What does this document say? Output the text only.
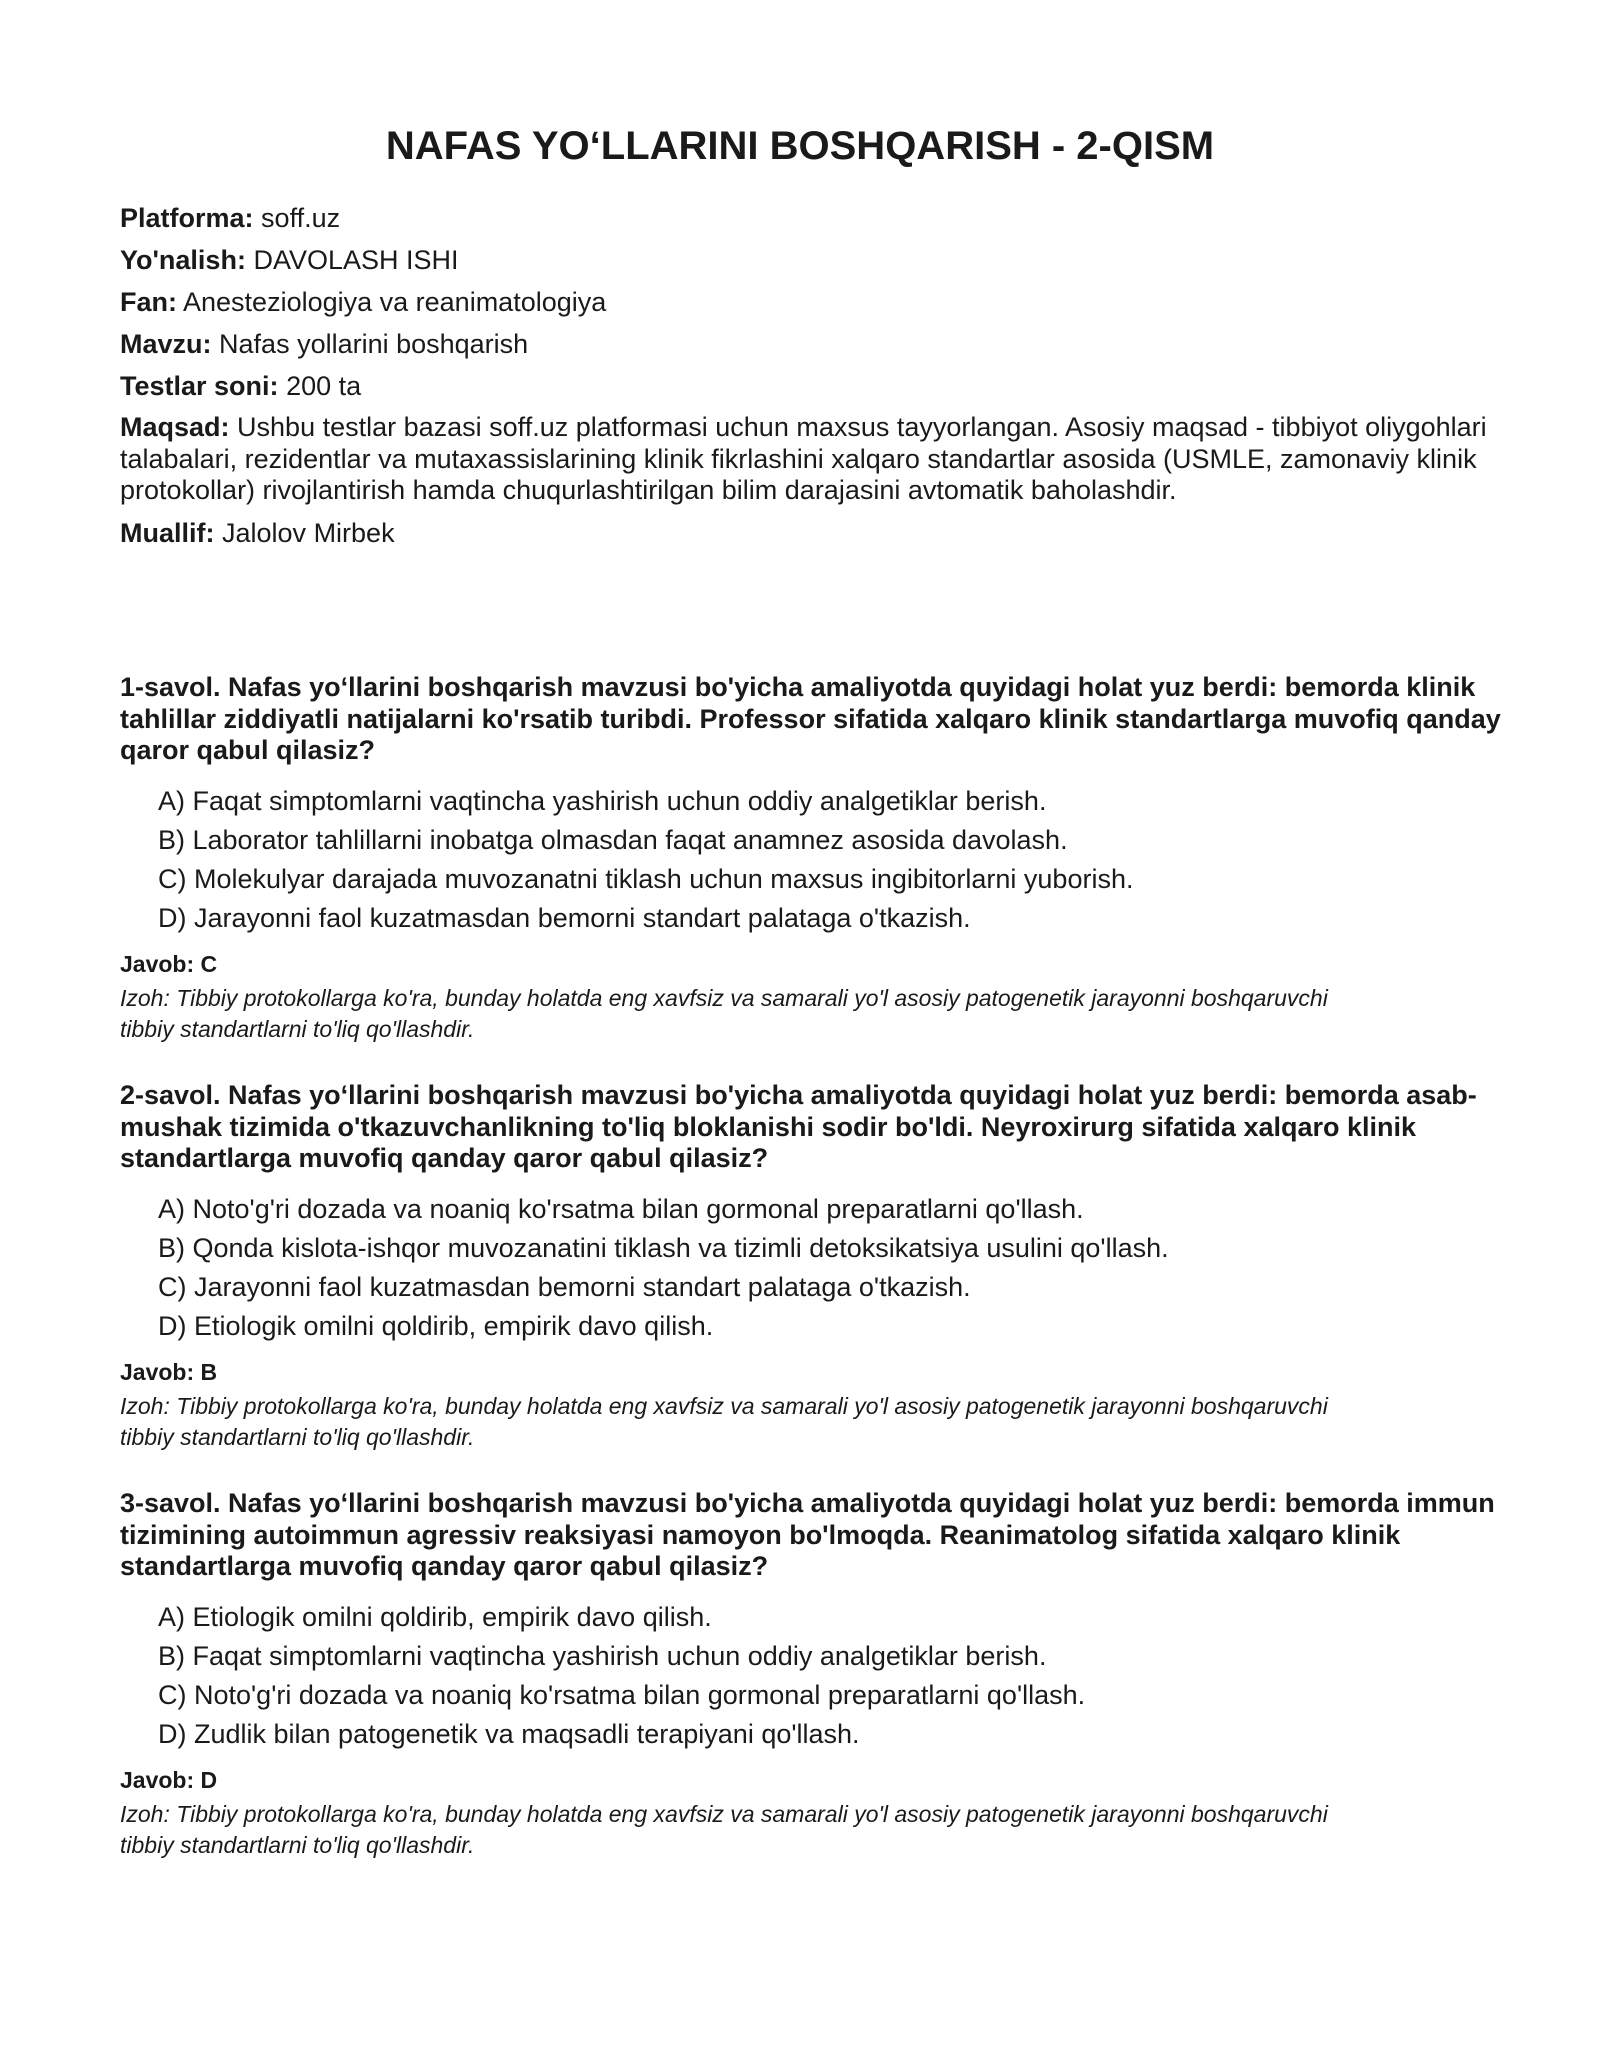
NAFAS YO‘LLARINI BOSHQARISH - 2-QISM
Platforma: soff.uz
Yo'nalish: DAVOLASH ISHI
Fan: Anesteziologiya va reanimatologiya
Mavzu: Nafas yollarini boshqarish
Testlar soni: 200 ta
Maqsad: Ushbu testlar bazasi soff.uz platformasi uchun maxsus tayyorlangan. Asosiy maqsad - tibbiyot oliygohlari talabalari, rezidentlar va mutaxassislarining klinik fikrlashini xalqaro standartlar asosida (USMLE, zamonaviy klinik protokollar) rivojlantirish hamda chuqurlashtirilgan bilim darajasini avtomatik baholashdir.
Muallif: Jalolov Mirbek
1-savol. Nafas yo‘llarini boshqarish mavzusi bo'yicha amaliyotda quyidagi holat yuz berdi: bemorda klinik tahlillar ziddiyatli natijalarni ko'rsatib turibdi. Professor sifatida xalqaro klinik standartlarga muvofiq qanday qaror qabul qilasiz?
A) Faqat simptomlarni vaqtincha yashirish uchun oddiy analgetiklar berish.
B) Laborator tahlillarni inobatga olmasdan faqat anamnez asosida davolash.
C) Molekulyar darajada muvozanatni tiklash uchun maxsus ingibitorlarni yuborish.
D) Jarayonni faol kuzatmasdan bemorni standart palataga o'tkazish.
Javob: C
Izoh: Tibbiy protokollarga ko'ra, bunday holatda eng xavfsiz va samarali yo'l asosiy patogenetik jarayonni boshqaruvchi tibbiy standartlarni to'liq qo'llashdir.
2-savol. Nafas yo‘llarini boshqarish mavzusi bo'yicha amaliyotda quyidagi holat yuz berdi: bemorda asab-mushak tizimida o'tkazuvchanlikning to'liq bloklanishi sodir bo'ldi. Neyroxirurg sifatida xalqaro klinik standartlarga muvofiq qanday qaror qabul qilasiz?
A) Noto'g'ri dozada va noaniq ko'rsatma bilan gormonal preparatlarni qo'llash.
B) Qonda kislota-ishqor muvozanatini tiklash va tizimli detoksikatsiya usulini qo'llash.
C) Jarayonni faol kuzatmasdan bemorni standart palataga o'tkazish.
D) Etiologik omilni qoldirib, empirik davo qilish.
Javob: B
Izoh: Tibbiy protokollarga ko'ra, bunday holatda eng xavfsiz va samarali yo'l asosiy patogenetik jarayonni boshqaruvchi tibbiy standartlarni to'liq qo'llashdir.
3-savol. Nafas yo‘llarini boshqarish mavzusi bo'yicha amaliyotda quyidagi holat yuz berdi: bemorda immun tizimining autoimmun agressiv reaksiyasi namoyon bo'lmoqda. Reanimatolog sifatida xalqaro klinik standartlarga muvofiq qanday qaror qabul qilasiz?
A) Etiologik omilni qoldirib, empirik davo qilish.
B) Faqat simptomlarni vaqtincha yashirish uchun oddiy analgetiklar berish.
C) Noto'g'ri dozada va noaniq ko'rsatma bilan gormonal preparatlarni qo'llash.
D) Zudlik bilan patogenetik va maqsadli terapiyani qo'llash.
Javob: D
Izoh: Tibbiy protokollarga ko'ra, bunday holatda eng xavfsiz va samarali yo'l asosiy patogenetik jarayonni boshqaruvchi tibbiy standartlarni to'liq qo'llashdir.
